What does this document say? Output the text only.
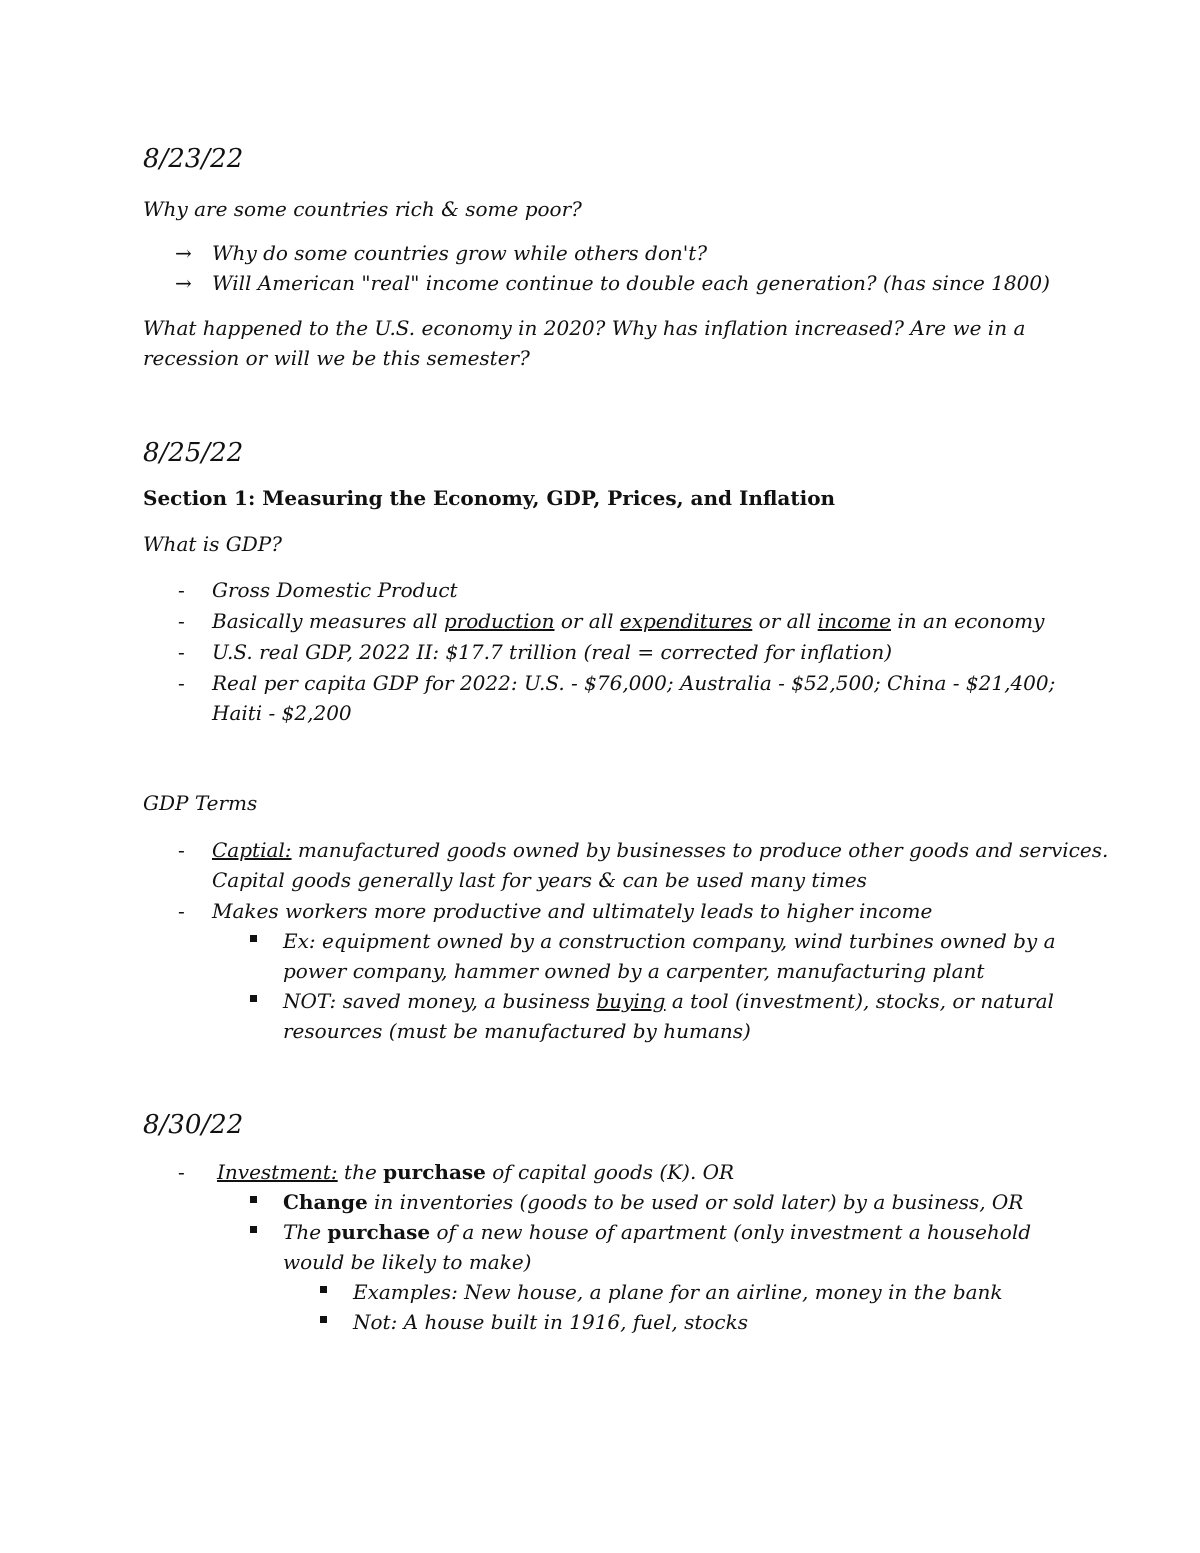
8/23/22
Why are some countries rich & some poor?
→ Why do some countries grow while others don't?
→ Will American "real" income continue to double each generation? (has since 1800)
What happened to the U.S. economy in 2020? Why has inflation increased? Are we in a
recession or will we be this semester?
8/25/22
Section 1: Measuring the Economy, GDP, Prices, and Inflation
What is GDP?
- Gross Domestic Product
- Basically measures all production or all expenditures or all income in an economy
- U.S. real GDP, 2022 II: $17.7 trillion (real = corrected for inflation)
- Real per capita GDP for 2022: U.S. - $76,000; Australia - $52,500; China - $21,400;
Haiti - $2,200
GDP Terms
- Captial: manufactured goods owned by businesses to produce other goods and services.
Capital goods generally last for years & can be used many times
- Makes workers more productive and ultimately leads to higher income
Ex: equipment owned by a construction company, wind turbines owned by a
power company, hammer owned by a carpenter, manufacturing plant
NOT: saved money, a business buying a tool (investment), stocks, or natural
resources (must be manufactured by humans)
8/30/22
- Investment: the purchase of capital goods (K). OR
Change in inventories (goods to be used or sold later) by a business, OR
The purchase of a new house of apartment (only investment a household
would be likely to make)
Examples: New house, a plane for an airline, money in the bank
Not: A house built in 1916, fuel, stocks
